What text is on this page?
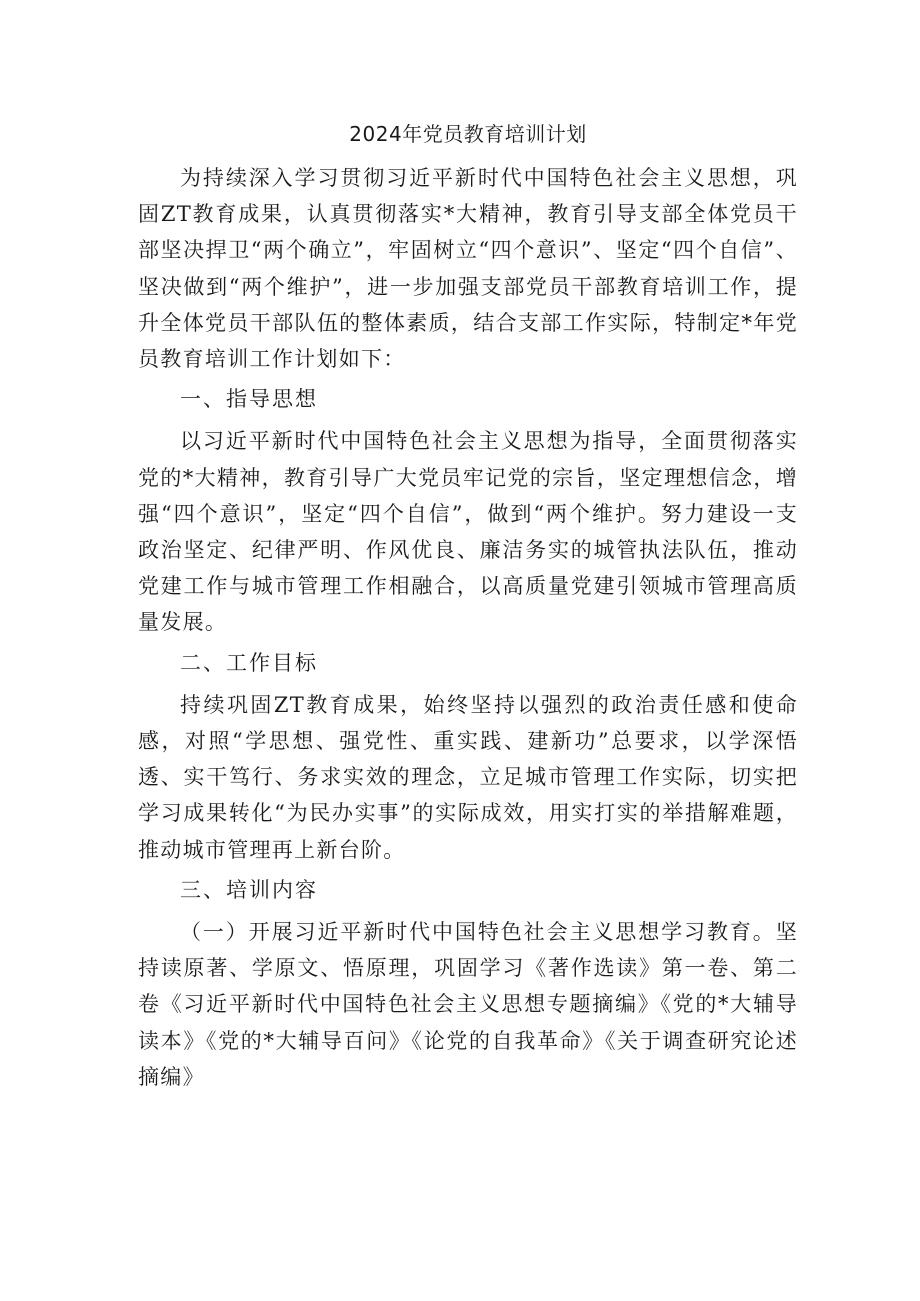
2024年党员教育培训计划

为持续深入学习贯彻习近平新时代中国特色社会主义思想，巩固ZT教育成果，认真贯彻落实*大精神，教育引导支部全体党员干部坚决捍卫“两个确立”，牢固树立“四个意识”、坚定“四个自信”、坚决做到“两个维护”，进一步加强支部党员干部教育培训工作，提升全体党员干部队伍的整体素质，结合支部工作实际，特制定*年党员教育培训工作计划如下：

一、指导思想

以习近平新时代中国特色社会主义思想为指导，全面贯彻落实党的*大精神，教育引导广大党员牢记党的宗旨，坚定理想信念，增强“四个意识”，坚定“四个自信”，做到“两个维护。努力建设一支政治坚定、纪律严明、作风优良、廉洁务实的城管执法队伍，推动党建工作与城市管理工作相融合，以高质量党建引领城市管理高质量发展。

二、工作目标

持续巩固ZT教育成果，始终坚持以强烈的政治责任感和使命感，对照“学思想、强党性、重实践、建新功”总要求，以学深悟透、实干笃行、务求实效的理念，立足城市管理工作实际，切实把学习成果转化“为民办实事”的实际成效，用实打实的举措解难题，推动城市管理再上新台阶。

三、培训内容

（一）开展习近平新时代中国特色社会主义思想学习教育。坚持读原著、学原文、悟原理，巩固学习《著作选读》第一卷、第二卷《习近平新时代中国特色社会主义思想专题摘编》《党的*大辅导读本》《党的*大辅导百问》《论党的自我革命》《关于调查研究论述摘编》
